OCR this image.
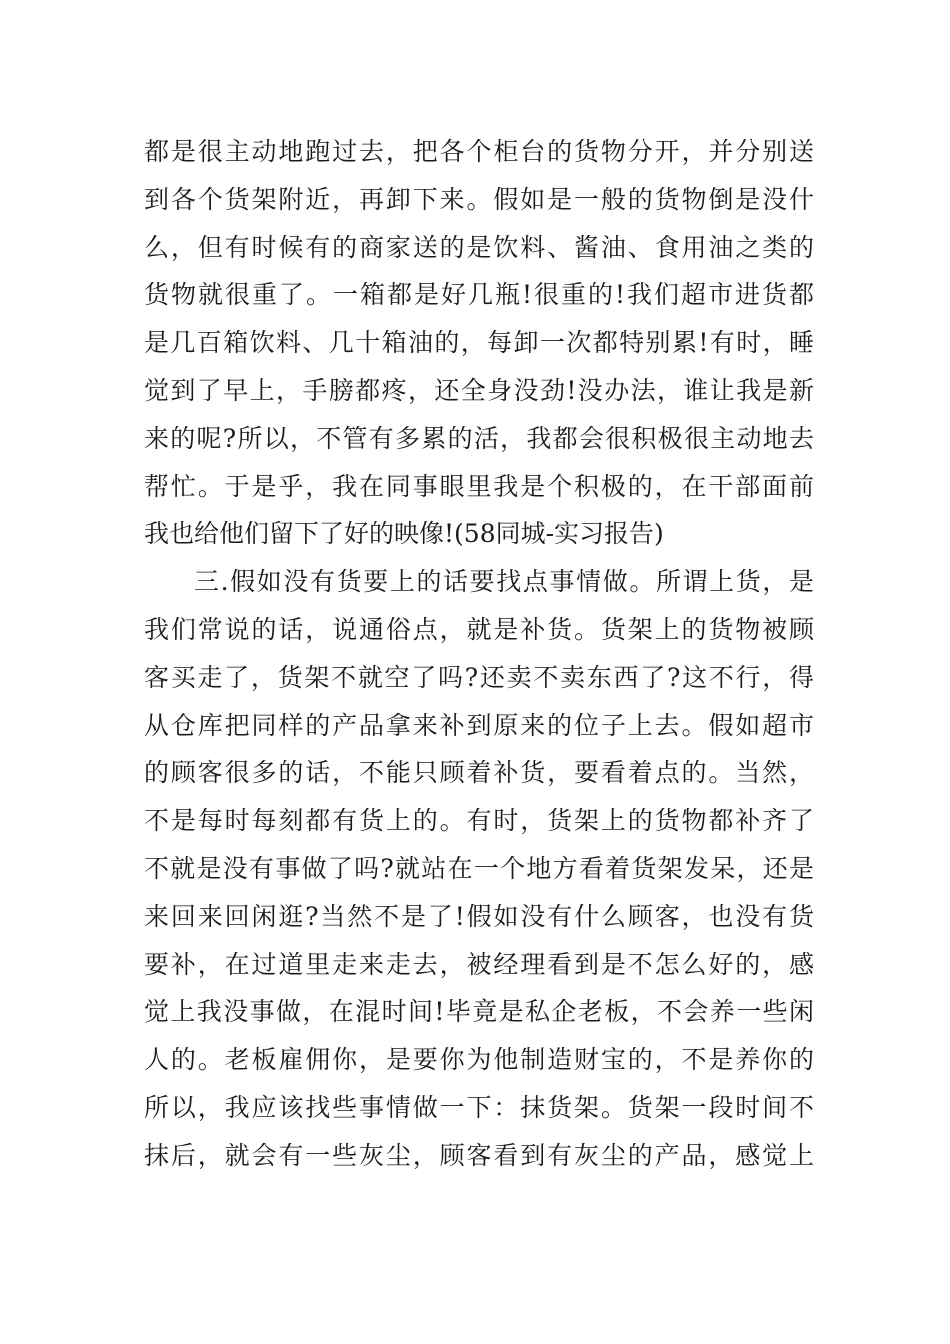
都是很主动地跑过去，把各个柜台的货物分开，并分别送
到各个货架附近，再卸下来。假如是一般的货物倒是没什
么，但有时候有的商家送的是饮料、酱油、食用油之类的
货物就很重了。一箱都是好几瓶!很重的!我们超市进货都
是几百箱饮料、几十箱油的，每卸一次都特别累!有时，睡
觉到了早上，手膀都疼，还全身没劲!没办法，谁让我是新
来的呢?所以，不管有多累的活，我都会很积极很主动地去
帮忙。于是乎，我在同事眼里我是个积极的，在干部面前
我也给他们留下了好的映像!(58同城-实习报告)
三.假如没有货要上的话要找点事情做。所谓上货，是
我们常说的话，说通俗点，就是补货。货架上的货物被顾
客买走了，货架不就空了吗?还卖不卖东西了?这不行，得
从仓库把同样的产品拿来补到原来的位子上去。假如超市
的顾客很多的话，不能只顾着补货，要看着点的。当然，
不是每时每刻都有货上的。有时，货架上的货物都补齐了
不就是没有事做了吗?就站在一个地方看着货架发呆，还是
来回来回闲逛?当然不是了!假如没有什么顾客，也没有货
要补，在过道里走来走去，被经理看到是不怎么好的，感
觉上我没事做，在混时间!毕竟是私企老板，不会养一些闲
人的。老板雇佣你，是要你为他制造财宝的，不是养你的
所以，我应该找些事情做一下：抹货架。货架一段时间不
抹后，就会有一些灰尘，顾客看到有灰尘的产品，感觉上
